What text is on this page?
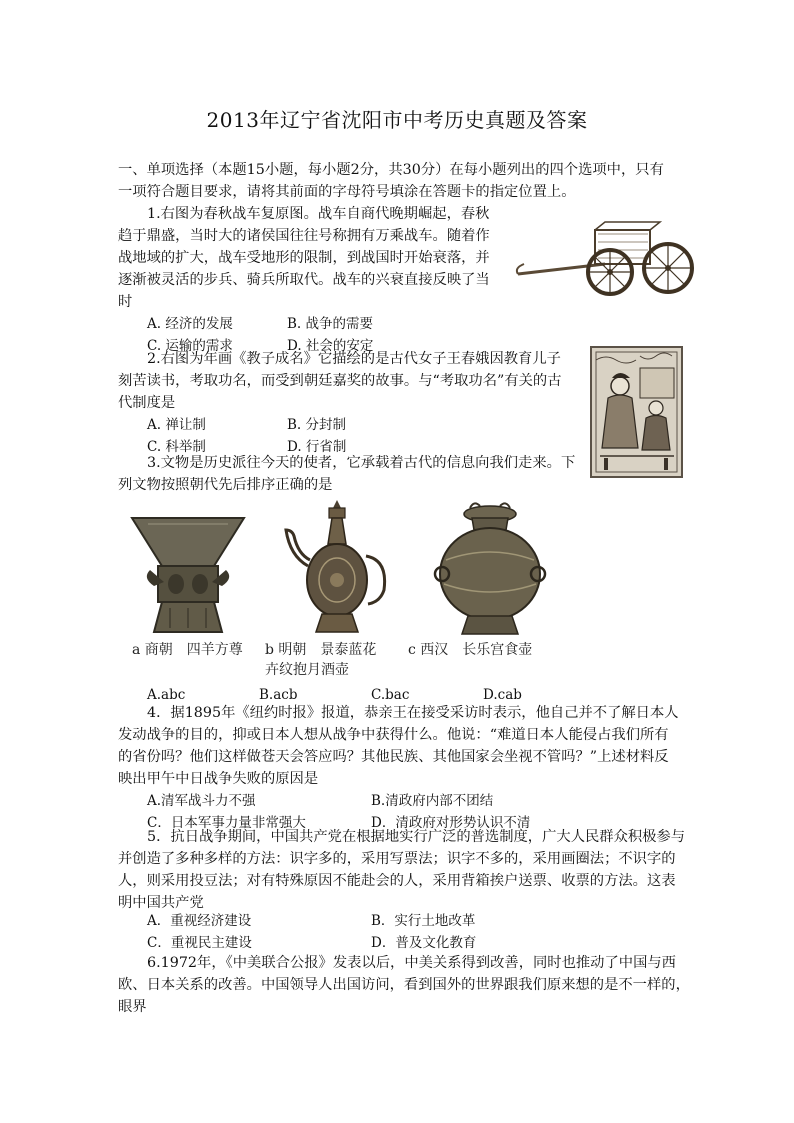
2013年辽宁省沈阳市中考历史真题及答案
一、单项选择（本题15小题，每小题2分，共30分）在每小题列出的四个选项中，只有
一项符合题目要求，请将其前面的字母符号填涂在答题卡的指定位置上。
1.右图为春秋战车复原图。战车自商代晚期崛起，春秋
趋于鼎盛，当时大的诸侯国往往号称拥有万乘战车。随着作
战地域的扩大，战车受地形的限制，到战国时开始衰落，并
逐渐被灵活的步兵、骑兵所取代。战车的兴衰直接反映了当
时
A. 经济的发展	B. 战争的需要
C. 运输的需求	D. 社会的安定
2.右图为年画《教子成名》它描绘的是古代女子王春娥因教育儿子
刻苦读书，考取功名，而受到朝廷嘉奖的故事。与“考取功名”有关的古
代制度是
A. 禅让制	B. 分封制
C. 科举制	D. 行省制
3.文物是历史派往今天的使者，它承载着古代的信息向我们走来。下
列文物按照朝代先后排序正确的是
a 商朝　四羊方尊 b 明朝　景泰蓝花
卉纹抱月酒壶
c 西汉　长乐宫食壶
A.abc	B.acb	C.bac	D.cab
4．据1895年《纽约时报》报道，恭亲王在接受采访时表示，他自己并不了解日本人
发动战争的目的，抑或日本人想从战争中获得什么。他说：“难道日本人能侵占我们所有
的省份吗？他们这样做苍天会答应吗？其他民族、其他国家会坐视不管吗？”上述材料反
映出甲午中日战争失败的原因是
A.清军战斗力不强	B.清政府内部不团结
C．日本军事力量非常强大	D．清政府对形势认识不清
5．抗日战争期间，中国共产党在根据地实行广泛的普选制度，广大人民群众积极参与
并创造了多种多样的方法：识字多的，采用写票法；识字不多的，采用画圈法；不识字的
人，则采用投豆法；对有特殊原因不能赴会的人，采用背箱挨户送票、收票的方法。这表
明中国共产党
A．重视经济建设	B．实行土地改革
C．重视民主建设	D．普及文化教育
6.1972年，《中美联合公报》发表以后，中美关系得到改善，同时也推动了中国与西
欧、日本关系的改善。中国领导人出国访问，看到国外的世界跟我们原来想的是不一样的，
眼界
